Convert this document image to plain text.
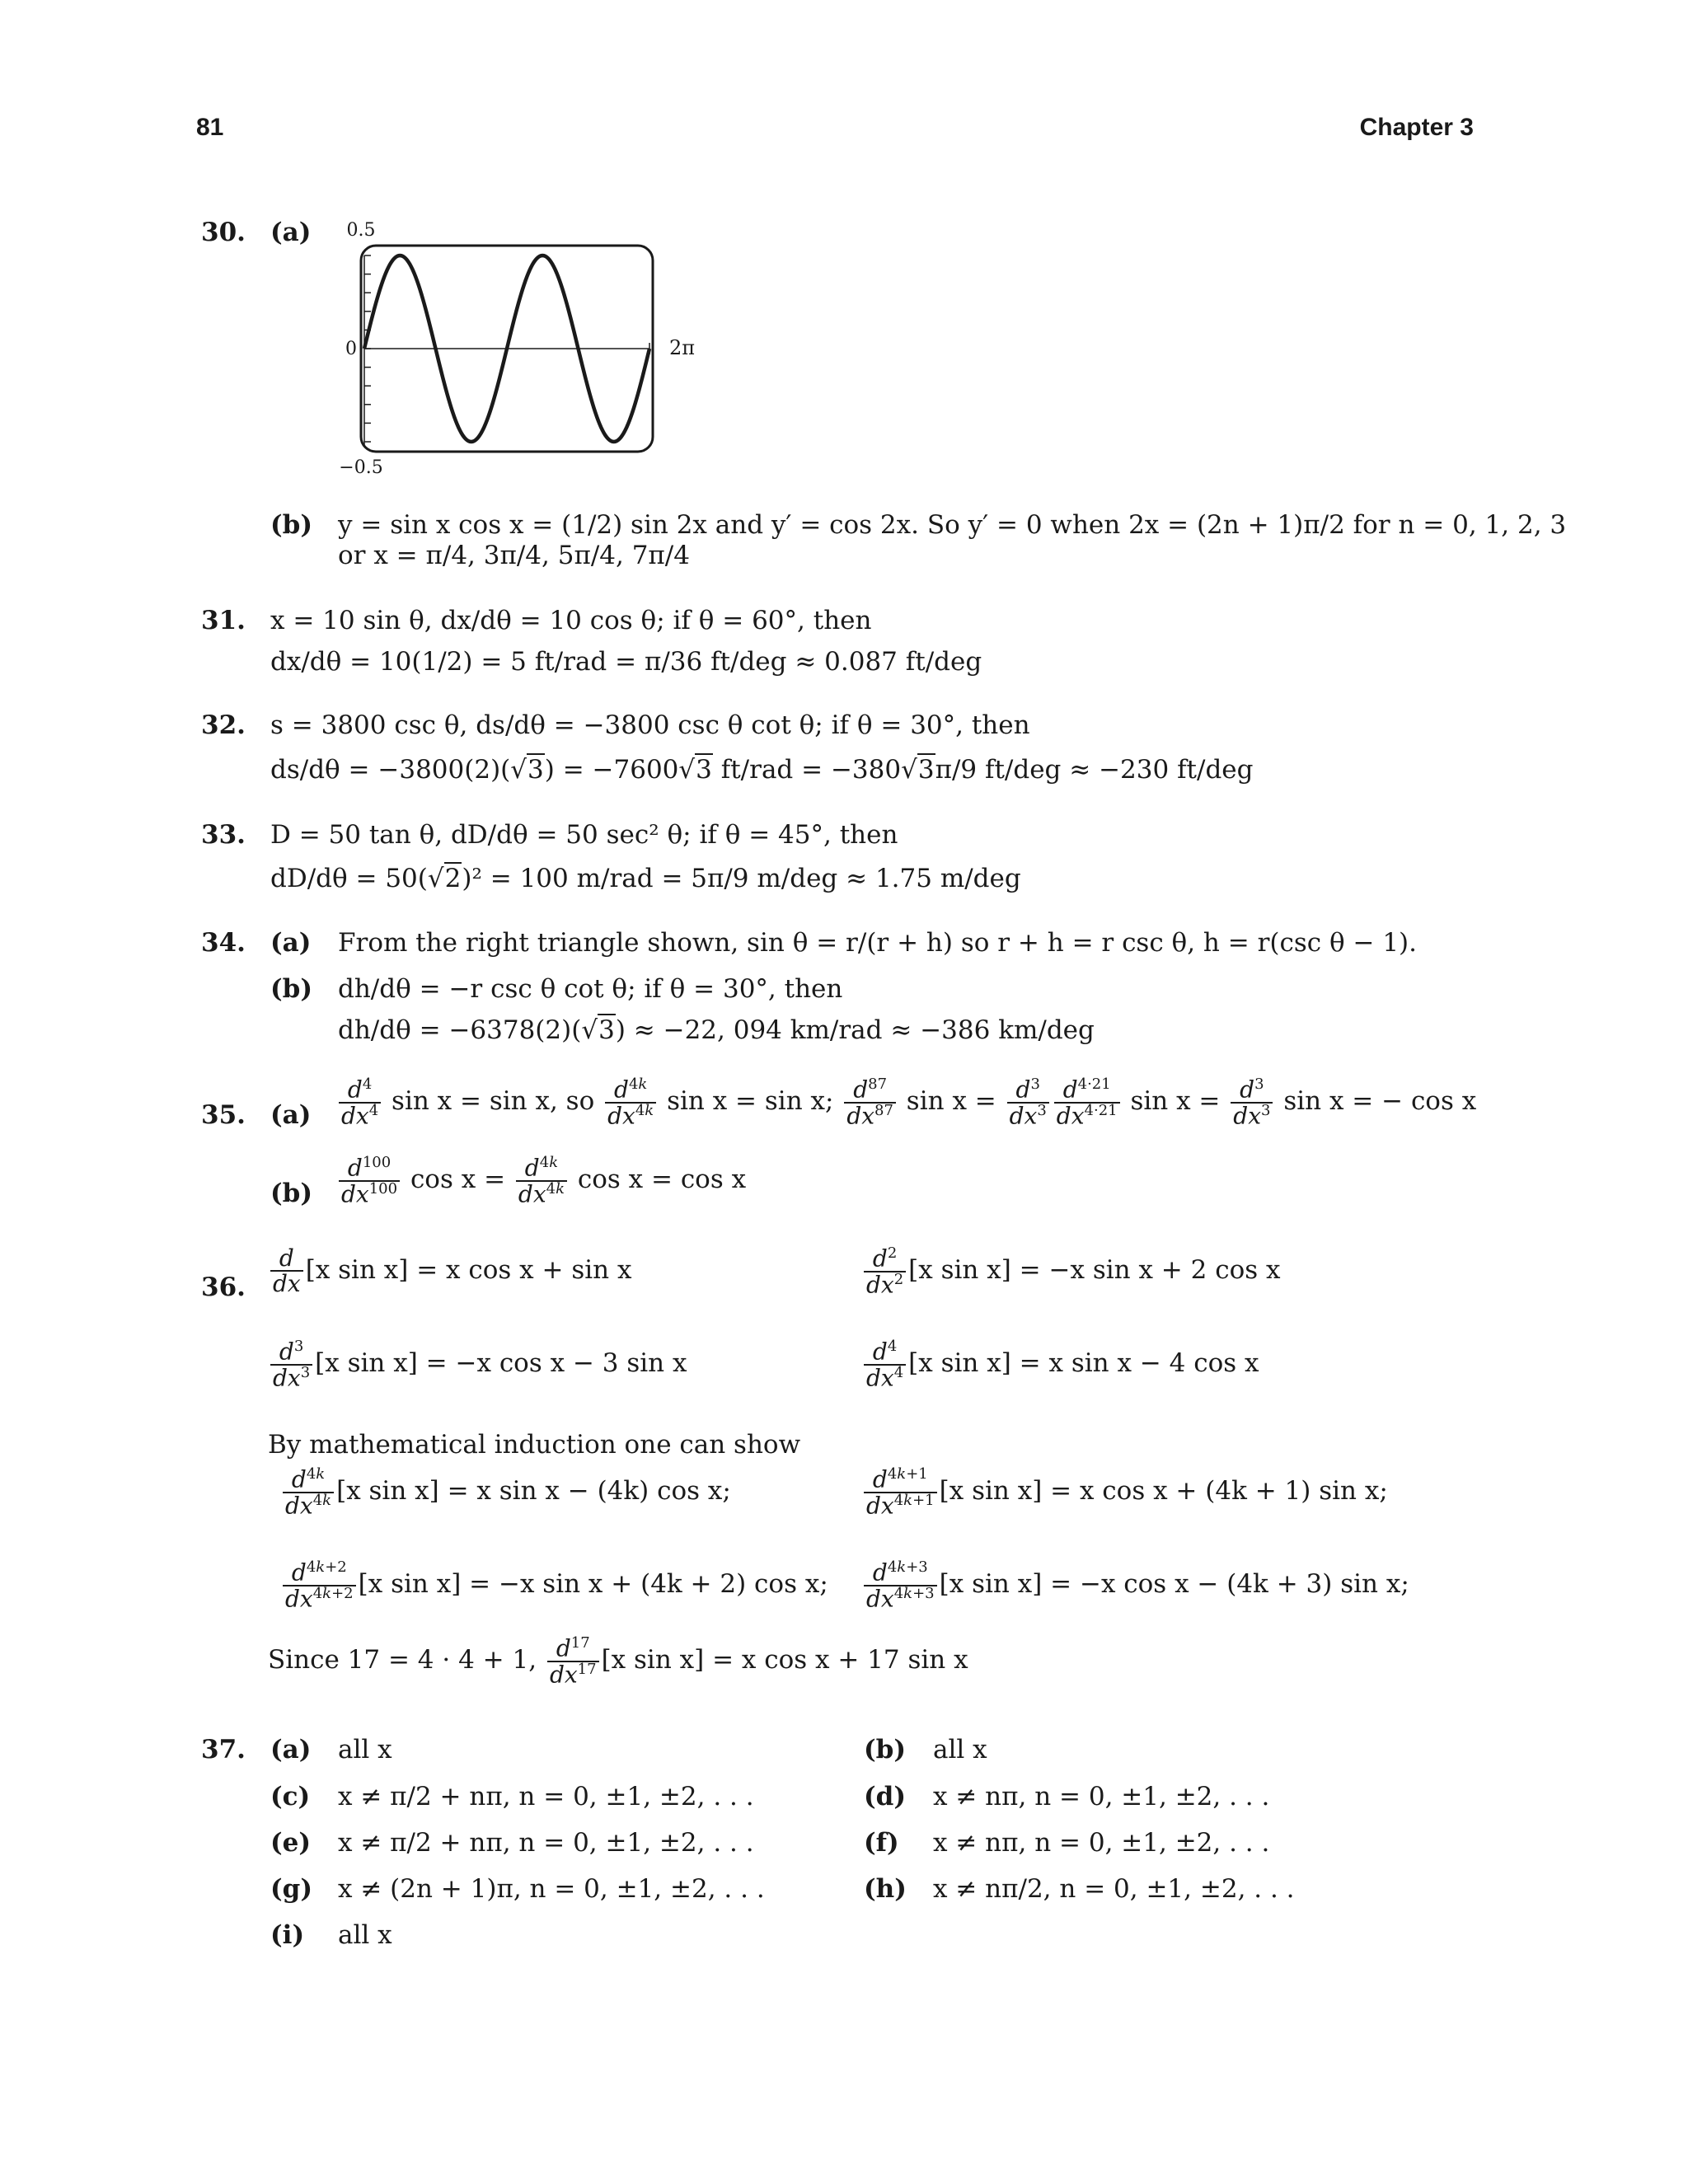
81	Chapter 3
30. (a) 0.5
−0.5
0	2π
(b) y = sin x cos x = (1/2) sin 2x and y′ = cos 2x. So y′ = 0 when 2x = (2n + 1)π/2 for n = 0, 1, 2, 3
or x = π/4, 3π/4, 5π/4, 7π/4
31. x = 10 sin θ, dx/dθ = 10 cos θ; if θ = 60°, then
dx/dθ = 10(1/2) = 5 ft/rad = π/36 ft/deg ≈ 0.087 ft/deg
32. s = 3800 csc θ, ds/dθ = −3800 csc θ cot θ; if θ = 30°, then
ds/dθ = −3800(2)(√3) = −7600√3 ft/rad = −380√3π/9 ft/deg ≈ −230 ft/deg
33. D = 50 tan θ, dD/dθ = 50 sec² θ; if θ = 45°, then
dD/dθ = 50(√2)² = 100 m/rad = 5π/9 m/deg ≈ 1.75 m/deg
34. (a) From the right triangle shown, sin θ = r/(r + h) so r + h = r csc θ, h = r(csc θ − 1).
(b) dh/dθ = −r csc θ cot θ; if θ = 30°, then
dh/dθ = −6378(2)(√3) ≈ −22, 094 km/rad ≈ −386 km/deg
35. $(a) \frac{d^4}{dx^4}$ sin x = sin x, so $\frac{d^{4k}}{dx^{4k}}$ sin x = sin x; $\frac{d^{87}}{dx^{87}}$ $\sin x = \frac{d^3}{dx^3} \frac{d^{4\cdot 21}}{dx^{4\cdot 21}}$ $\sin x = \frac{d^3}{dx^3}$ sin x = − cos x
$(b) \frac{d^{100}}{dx^{100}}$ $\cos x = \frac{d^{4k}}{dx^{4k}}$ cos x = cos x
36. $\frac{d}{dx} [x$ sin x] = x cos x + sin x	$\frac{d^2}{dx^2} [x$ sin x] = −x sin x + 2 cos x
$\frac{d^3}{dx^3} [x$ sin x] = −x cos x − 3 sin x	$\frac{d^4}{dx^4} [x$ sin x] = x sin x − 4 cos x
By mathematical induction one can show
$\frac{d^{4k}}{dx^{4k}} [x$ sin x] = x sin x − (4k) cos x;	$\frac{d^{4k+1}}{dx^{4k+1}} [x$ sin x] = x cos x + (4k + 1) sin x;
$\frac{d^{4k+2}}{dx^{4k+2}} [x$ sin x] = −x sin x + (4k + 2) cos x; $\frac{d^{4k+3}}{dx^{4k+3}} [x$ sin x] = −x cos x − (4k + 3) sin x;
Since 17 = 4 · 4 + 1, $\frac{d^{17}}{dx^{17}} [x$ sin x] = x cos x + 17 sin x
37. (a) all x	(b) all x
(c) x ≠ π/2 + nπ, n = 0, ±1, ±2, . . .	(d) x ≠ nπ, n = 0, ±1, ±2, . . .
(e) x ≠ π/2 + nπ, n = 0, ±1, ±2, . . .	(f) x ≠ nπ, n = 0, ±1, ±2, . . .
(g) x ≠ (2n + 1)π, n = 0, ±1, ±2, . . .	(h) x ≠ nπ/2, n = 0, ±1, ±2, . . .
(i) all x
